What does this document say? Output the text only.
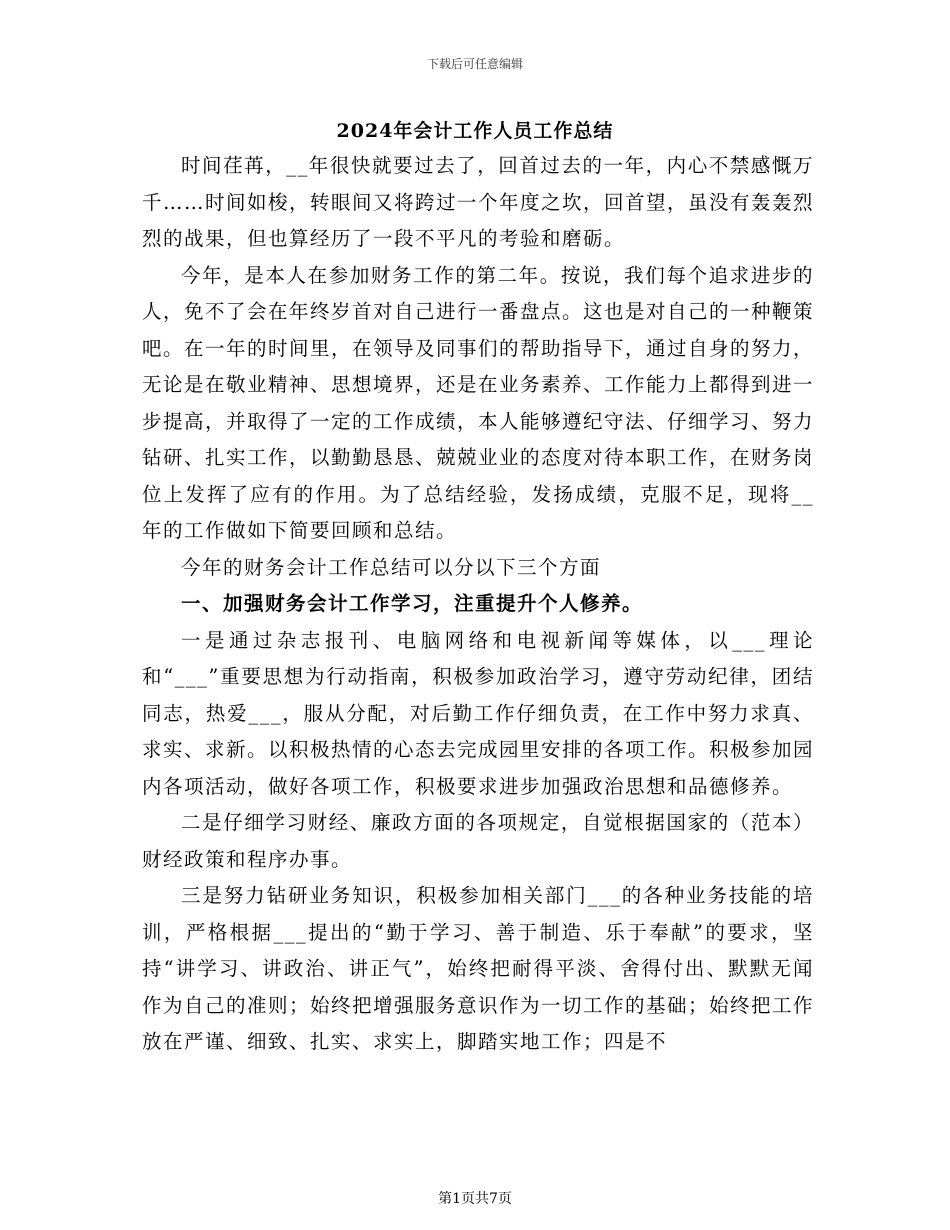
下载后可任意编辑
2024年会计工作人员工作总结

时间荏苒，__年很快就要过去了，回首过去的一年，内心不禁感慨万千……时间如梭，转眼间又将跨过一个年度之坎，回首望，虽没有轰轰烈烈的战果，但也算经历了一段不平凡的考验和磨砺。

今年，是本人在参加财务工作的第二年。按说，我们每个追求进步的人，免不了会在年终岁首对自己进行一番盘点。这也是对自己的一种鞭策吧。在一年的时间里，在领导及同事们的帮助指导下，通过自身的努力，无论是在敬业精神、思想境界，还是在业务素养、工作能力上都得到进一步提高，并取得了一定的工作成绩，本人能够遵纪守法、仔细学习、努力钻研、扎实工作，以勤勤恳恳、兢兢业业的态度对待本职工作，在财务岗位上发挥了应有的作用。为了总结经验，发扬成绩，克服不足，现将__年的工作做如下简要回顾和总结。

今年的财务会计工作总结可以分以下三个方面

一、加强财务会计工作学习，注重提升个人修养。

一是通过杂志报刊、电脑网络和电视新闻等媒体，以___理论和“___”重要思想为行动指南，积极参加政治学习，遵守劳动纪律，团结同志，热爱___，服从分配，对后勤工作仔细负责，在工作中努力求真、求实、求新。以积极热情的心态去完成园里安排的各项工作。积极参加园内各项活动，做好各项工作，积极要求进步加强政治思想和品德修养。

二是仔细学习财经、廉政方面的各项规定，自觉根据国家的（范本）财经政策和程序办事。

三是努力钻研业务知识，积极参加相关部门___的各种业务技能的培训，严格根据___提出的“勤于学习、善于制造、乐于奉献”的要求，坚持“讲学习、讲政治、讲正气”，始终把耐得平淡、舍得付出、默默无闻作为自己的准则；始终把增强服务意识作为一切工作的基础；始终把工作放在严谨、细致、扎实、求实上，脚踏实地工作；四是不

第1页共7页
